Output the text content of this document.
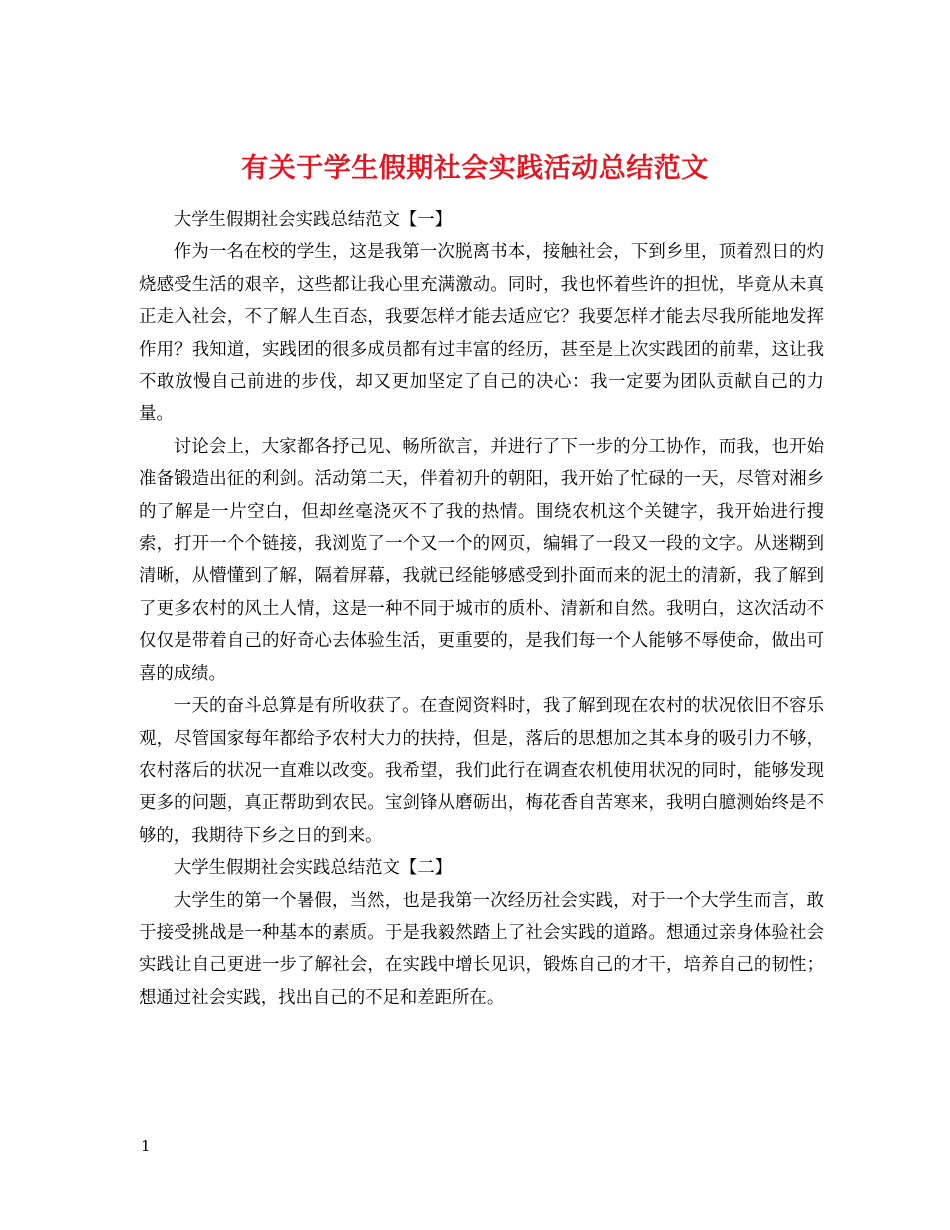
有关于学生假期社会实践活动总结范文

大学生假期社会实践总结范文【一】

作为一名在校的学生，这是我第一次脱离书本，接触社会，下到乡里，顶着烈日的灼烧感受生活的艰辛，这些都让我心里充满激动。同时，我也怀着些许的担忧，毕竟从未真正走入社会，不了解人生百态，我要怎样才能去适应它？我要怎样才能去尽我所能地发挥作用？我知道，实践团的很多成员都有过丰富的经历，甚至是上次实践团的前辈，这让我不敢放慢自己前进的步伐，却又更加坚定了自己的决心：我一定要为团队贡献自己的力量。

讨论会上，大家都各抒己见、畅所欲言，并进行了下一步的分工协作，而我，也开始准备锻造出征的利剑。活动第二天，伴着初升的朝阳，我开始了忙碌的一天，尽管对湘乡的了解是一片空白，但却丝毫浇灭不了我的热情。围绕农机这个关键字，我开始进行搜索，打开一个个链接，我浏览了一个又一个的网页，编辑了一段又一段的文字。从迷糊到清晰，从懵懂到了解，隔着屏幕，我就已经能够感受到扑面而来的泥土的清新，我了解到了更多农村的风土人情，这是一种不同于城市的质朴、清新和自然。我明白，这次活动不仅仅是带着自己的好奇心去体验生活，更重要的，是我们每一个人能够不辱使命，做出可喜的成绩。

一天的奋斗总算是有所收获了。在查阅资料时，我了解到现在农村的状况依旧不容乐观，尽管国家每年都给予农村大力的扶持，但是，落后的思想加之其本身的吸引力不够，农村落后的状况一直难以改变。我希望，我们此行在调查农机使用状况的同时，能够发现更多的问题，真正帮助到农民。宝剑锋从磨砺出，梅花香自苦寒来，我明白臆测始终是不够的，我期待下乡之日的到来。

大学生假期社会实践总结范文【二】

大学生的第一个暑假，当然，也是我第一次经历社会实践，对于一个大学生而言，敢于接受挑战是一种基本的素质。于是我毅然踏上了社会实践的道路。想通过亲身体验社会实践让自己更进一步了解社会，在实践中增长见识，锻炼自己的才干，培养自己的韧性；想通过社会实践，找出自己的不足和差距所在。

1
